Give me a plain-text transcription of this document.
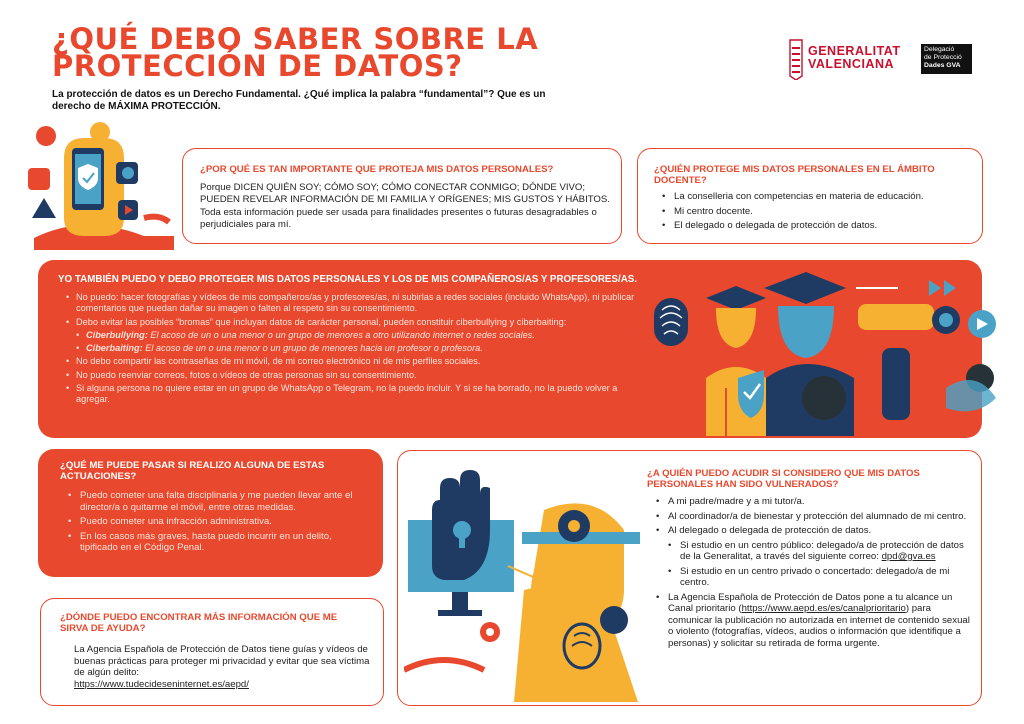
¿QUÉ DEBO SABER SOBRE LA PROTECCIÓN DE DATOS?

La protección de datos es un Derecho Fundamental. ¿Qué implica la palabra “fundamental”? Que es un derecho de MÁXIMA PROTECCIÓN.

GENERALITAT
VALENCIANA
Delegació
de Protecció
Dades GVA
¿POR QUÉ ES TAN IMPORTANTE QUE PROTEJA MIS DATOS PERSONALES?

Porque DICEN QUIÉN SOY; CÓMO SOY; CÓMO CONECTAR CONMIGO; DÓNDE VIVO; PUEDEN REVELAR INFORMACIÓN DE MI FAMILIA Y ORÍGENES; MIS GUSTOS Y HÁBITOS.

Toda esta información puede ser usada para finalidades presentes o futuras desagradables o perjudiciales para mí.

¿QUIÉN PROTEGE MIS DATOS PERSONALES EN EL ÁMBITO DOCENTE?
• La conselleria con competencias en materia de educación.
• Mi centro docente.
• El delegado o delegada de protección de datos.
YO TAMBIÉN PUEDO Y DEBO PROTEGER MIS DATOS PERSONALES Y LOS DE MIS COMPAÑEROS/AS Y PROFESORES/AS.
• No puedo: hacer fotografías y vídeos de mis compañeros/as y profesores/as, ni subirlas a redes sociales (incluido WhatsApp), ni publicar comentarios que puedan dañar su imagen o falten al respeto sin su consentimiento.
• Debo evitar las posibles “bromas” que incluyan datos de carácter personal, pueden constituir ciberbullying y ciberbaiting:
• Ciberbullying: El acoso de un o una menor o un grupo de menores a otro utilizando internet o redes sociales.
• Ciberbaiting: El acoso de un o una menor o un grupo de menores hacia un profesor o profesora.
• No debo compartir las contraseñas de mi móvil, de mi correo electrónico ni de mis perfiles sociales.
• No puedo reenviar correos, fotos o vídeos de otras personas sin su consentimiento.
• Si alguna persona no quiere estar en un grupo de WhatsApp o Telegram, no la puedo incluir. Y si se ha borrado, no la puedo volver a agregar.
¿QUÉ ME PUEDE PASAR SI REALIZO ALGUNA DE ESTAS ACTUACIONES?
• Puedo cometer una falta disciplinaria y me pueden llevar ante el director/a o quitarme el móvil, entre otras medidas.
• Puedo cometer una infracción administrativa.
• En los casos más graves, hasta puedo incurrir en un delito, tipificado en el Código Penal.
¿DÓNDE PUEDO ENCONTRAR MÁS INFORMACIÓN QUE ME SIRVA DE AYUDA?

La Agencia Española de Protección de Datos tiene guías y vídeos de buenas prácticas para proteger mi privacidad y evitar que sea víctima de algún delito:

https://www.tudecideseninternet.es/aepd/
¿A QUIÉN PUEDO ACUDIR SI CONSIDERO QUE MIS DATOS PERSONALES HAN SIDO VULNERADOS?
• A mi padre/madre y a mi tutor/a.
• Al coordinador/a de bienestar y protección del alumnado de mi centro.
• Al delegado o delegada de protección de datos.
• Si estudio en un centro público: delegado/a de protección de datos de la Generalitat, a través del siguiente correo: dpd@gva.es
• Si estudio en un centro privado o concertado: delegado/a de mi centro.
• La Agencia Española de Protección de Datos pone a tu alcance un Canal prioritario (https://www.aepd.es/es/canalprioritario) para comunicar la publicación no autorizada en internet de contenido sexual o violento (fotografías, vídeos, audios o información que identifique a personas) y solicitar su retirada de forma urgente.
